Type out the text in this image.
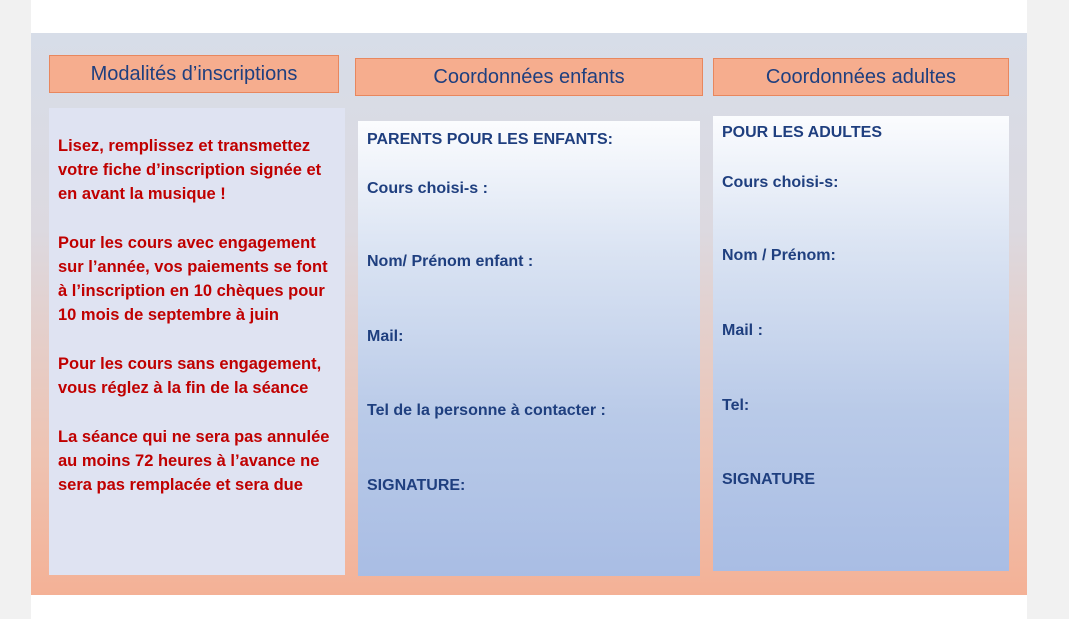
Modalités d’inscriptions	Coordonnées enfants	Coordonnées adultes

Lisez, remplissez et transmettez votre fiche d’inscription signée et en avant la musique !

Pour les cours avec engagement sur l’année, vos paiements se font à l’inscription en 10 chèques pour 10 mois de septembre à juin

Pour les cours sans engagement, vous réglez à la fin de la séance

La séance qui ne sera pas annulée au moins 72 heures à l’avance ne sera pas remplacée et sera due

PARENTS POUR LES ENFANTS:
Cours choisi-s :
Nom/ Prénom enfant :
Mail:
Tel de la personne à contacter :
SIGNATURE:
POUR LES ADULTES
Cours choisi-s:
Nom / Prénom:
Mail :
Tel:
SIGNATURE
